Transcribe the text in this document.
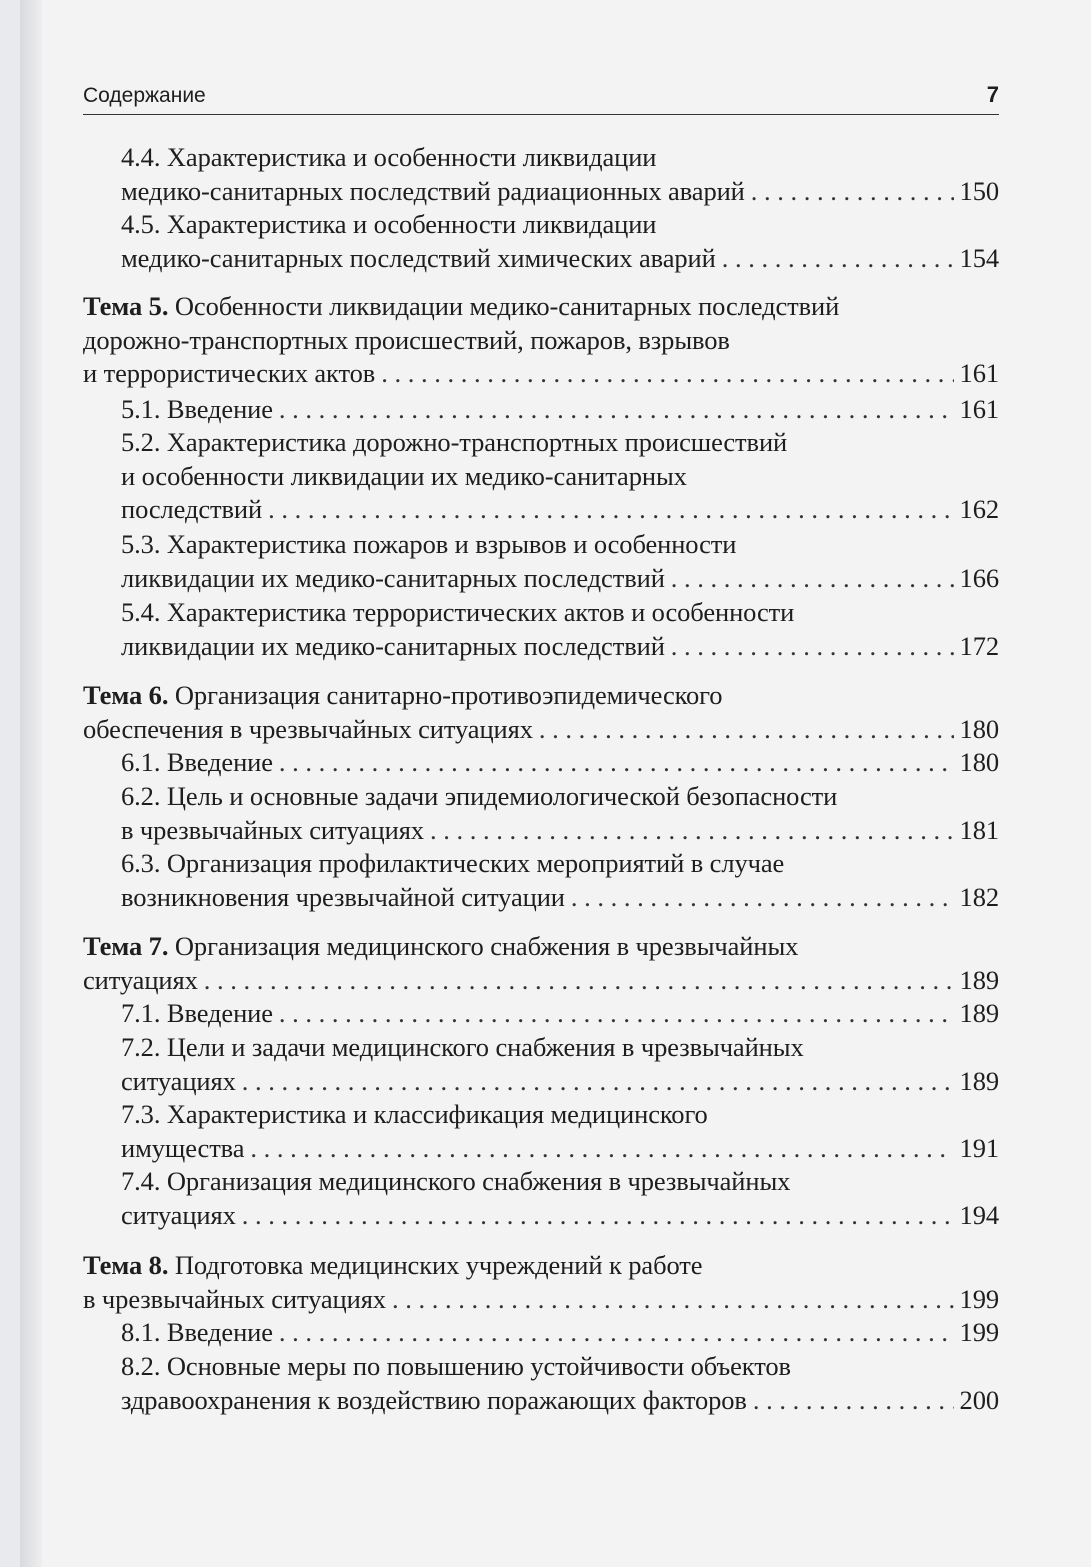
Содержание	7
4.4. Характеристика и особенности ликвидации
медико-санитарных последствий радиационных аварий . . .	150
4.5. Характеристика и особенности ликвидации
медико-санитарных последствий химических аварий . . .	154
Тема 5. Особенности ликвидации медико-санитарных последствий
дорожно-транспортных происшествий, пожаров, взрывов
и террористических актов . . .	161
5.1. Введение . . .	161
5.2. Характеристика дорожно-транспортных происшествий
и особенности ликвидации их медико-санитарных
последствий . . .	162
5.3. Характеристика пожаров и взрывов и особенности
ликвидации их медико-санитарных последствий . . .	166
5.4. Характеристика террористических актов и особенности
ликвидации их медико-санитарных последствий . . .	172
Тема 6. Организация санитарно-противоэпидемического
обеспечения в чрезвычайных ситуациях . . .	180
6.1. Введение . . .	180
6.2. Цель и основные задачи эпидемиологической безопасности
в чрезвычайных ситуациях . . .	181
6.3. Организация профилактических мероприятий в случае
возникновения чрезвычайной ситуации . . .	182
Тема 7. Организация медицинского снабжения в чрезвычайных
ситуациях . . .	189
7.1. Введение . . .	189
7.2. Цели и задачи медицинского снабжения в чрезвычайных
ситуациях . . .	189
7.3. Характеристика и классификация медицинского
имущества . . .	191
7.4. Организация медицинского снабжения в чрезвычайных
ситуациях . . .	194
Тема 8. Подготовка медицинских учреждений к работе
в чрезвычайных ситуациях . . .	199
8.1. Введение . . .	199
8.2. Основные меры по повышению устойчивости объектов
здравоохранения к воздействию поражающих факторов . . .	200
